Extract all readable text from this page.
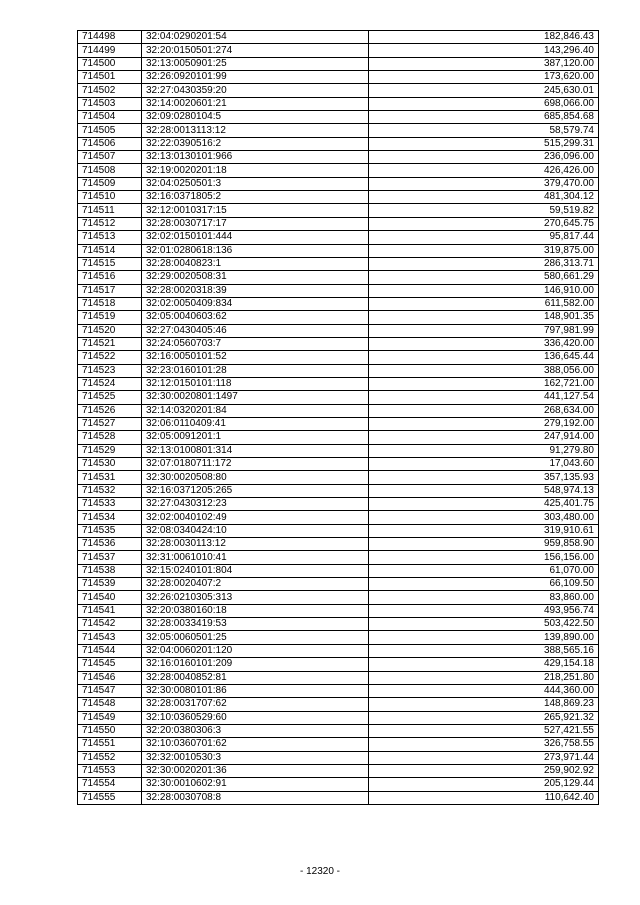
714498	32:04:0290201:54	182,846.43
714499	32:20:0150501:274	143,296.40
714500	32:13:0050901:25	387,120.00
714501	32:26:0920101:99	173,620.00
714502	32:27:0430359:20	245,630.01
714503	32:14:0020601:21	698,066.00
714504	32:09:0280104:5	685,854.68
714505	32:28:0013113:12	58,579.74
714506	32:22:0390516:2	515,299.31
714507	32:13:0130101:966	236,096.00
714508	32:19:0020201:18	426,426.00
714509	32:04:0250501:3	379,470.00
714510	32:16:0371805:2	481,304.12
714511	32:12:0010317:15	59,519.82
714512	32:28:0030717:17	270,645.75
714513	32:02:0150101:444	95,817.44
714514	32:01:0280618:136	319,875.00
714515	32:28:0040823:1	286,313.71
714516	32:29:0020508:31	580,661.29
714517	32:28:0020318:39	146,910.00
714518	32:02:0050409:834	611,582.00
714519	32:05:0040603:62	148,901.35
714520	32:27:0430405:46	797,981.99
714521	32:24:0560703:7	336,420.00
714522	32:16:0050101:52	136,645.44
714523	32:23:0160101:28	388,056.00
714524	32:12:0150101:118	162,721.00
714525	32:30:0020801:1497	441,127.54
714526	32:14:0320201:84	268,634.00
714527	32:06:0110409:41	279,192.00
714528	32:05:0091201:1	247,914.00
714529	32:13:0100801:314	91,279.80
714530	32:07:0180711:172	17,043.60
714531	32:30:0020508:80	357,135.93
714532	32:16:0371205:265	548,974.13
714533	32:27:0430312:23	425,401.75
714534	32:02:0040102:49	303,480.00
714535	32:08:0340424:10	319,910.61
714536	32:28:0030113:12	959,858.90
714537	32:31:0061010:41	156,156.00
714538	32:15:0240101:804	61,070.00
714539	32:28:0020407:2	66,109.50
714540	32:26:0210305:313	83,860.00
714541	32:20:0380160:18	493,956.74
714542	32:28:0033419:53	503,422.50
714543	32:05:0060501:25	139,890.00
714544	32:04:0060201:120	388,565.16
714545	32:16:0160101:209	429,154.18
714546	32:28:0040852:81	218,251.80
714547	32:30:0080101:86	444,360.00
714548	32:28:0031707:62	148,869.23
714549	32:10:0360529:60	265,921.32
714550	32:20:0380306:3	527,421.55
714551	32:10:0360701:62	326,758.55
714552	32:32:0010530:3	273,971.44
714553	32:30:0020201:36	259,902.92
714554	32:30:0010602:91	205,129.44
714555	32:28:0030708:8	110,642.40
- 12320 -
